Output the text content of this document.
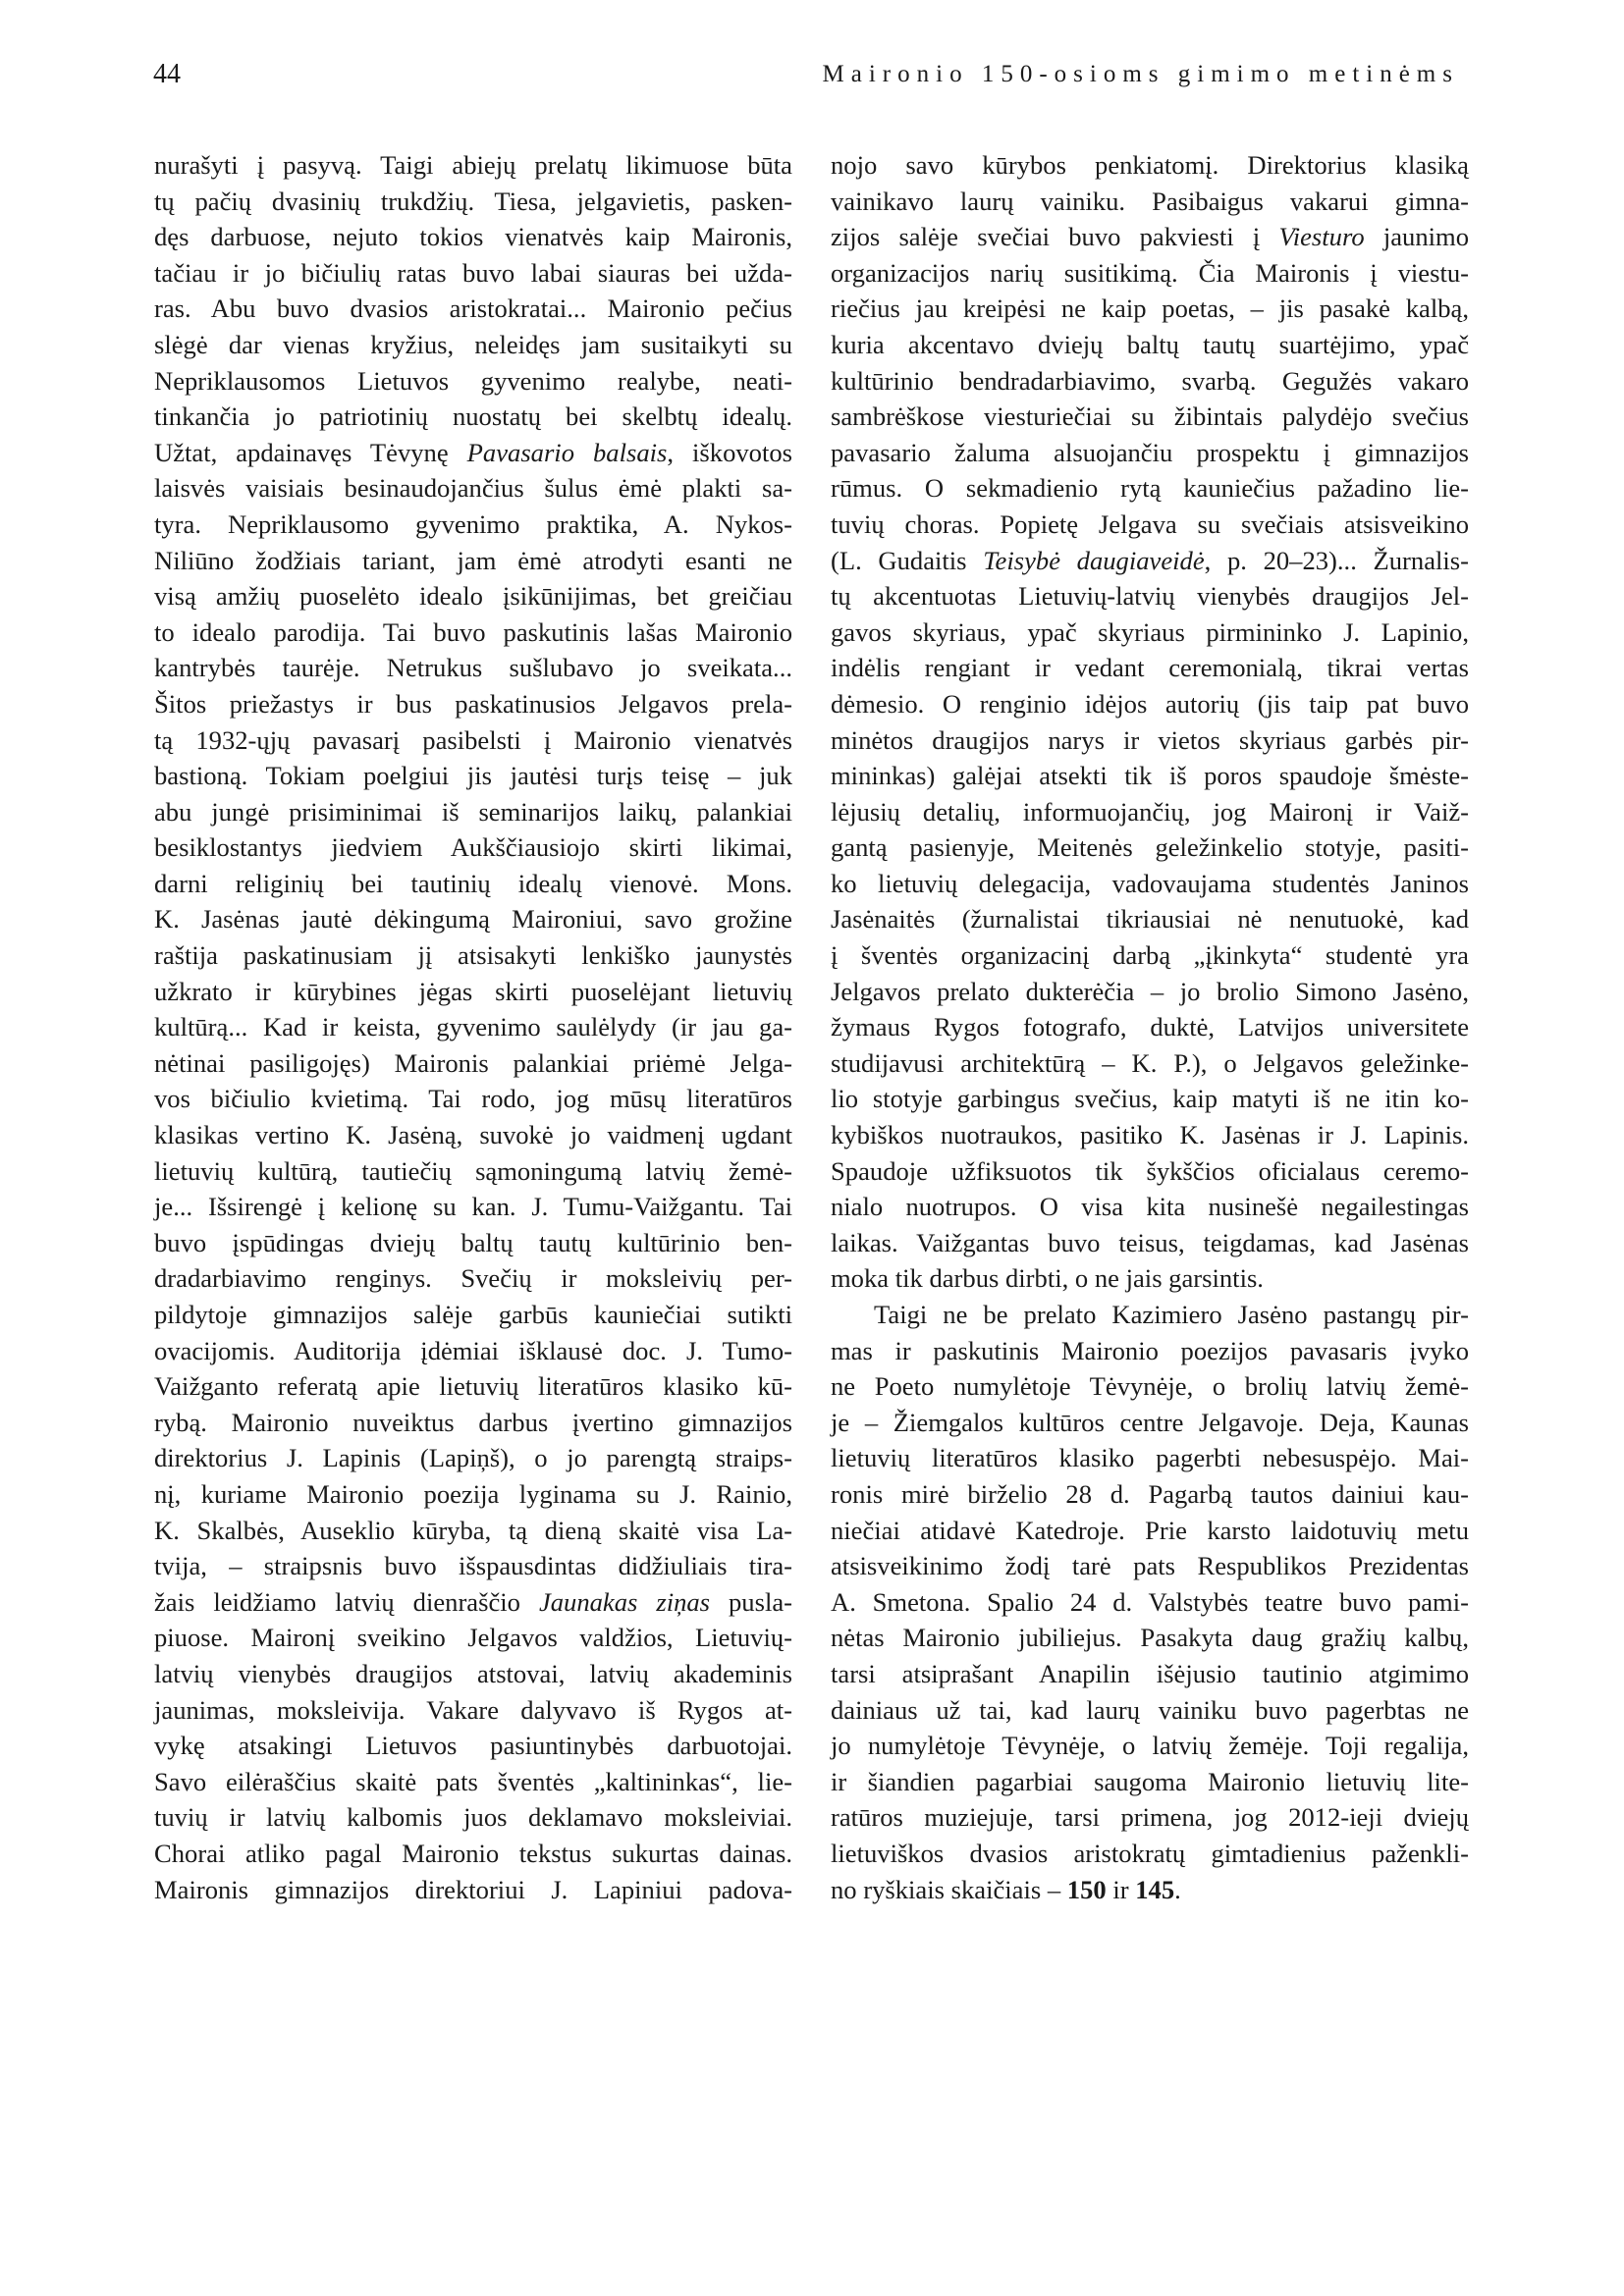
44	Maironio 150-osioms gimimo metinėms
nurašyti į pasyvą. Taigi abiejų prelatų likimuose būta
tų pačių dvasinių trukdžių. Tiesa, jelgavietis, pasken-
dęs darbuose, nejuto tokios vienatvės kaip Maironis,
tačiau ir jo bičiulių ratas buvo labai siauras bei užda-
ras. Abu buvo dvasios aristokratai... Maironio pečius
slėgė dar vienas kryžius, neleidęs jam susitaikyti su
Nepriklausomos Lietuvos gyvenimo realybe, neati-
tinkančia jo patriotinių nuostatų bei skelbtų idealų.
Užtat, apdainavęs Tėvynę Pavasario balsais, iškovotos
laisvės vaisiais besinaudojančius šulus ėmė plakti sa-
tyra. Nepriklausomo gyvenimo praktika, A. Nykos-
Niliūno žodžiais tariant, jam ėmė atrodyti esanti ne
visą amžių puoselėto idealo įsikūnijimas, bet greičiau
to idealo parodija. Tai buvo paskutinis lašas Maironio
kantrybės taurėje. Netrukus sušlubavo jo sveikata...
Šitos priežastys ir bus paskatinusios Jelgavos prela-
tą 1932-ųjų pavasarį pasibelsti į Maironio vienatvės
bastioną. Tokiam poelgiui jis jautėsi turįs teisę – juk
abu jungė prisiminimai iš seminarijos laikų, palankiai
besiklostantys jiedviem Aukščiausiojo skirti likimai,
darni religinių bei tautinių idealų vienovė. Mons.
K. Jasėnas jautė dėkingumą Maironiui, savo grožine
raštija paskatinusiam jį atsisakyti lenkiško jaunystės
užkrato ir kūrybines jėgas skirti puoselėjant lietuvių
kultūrą... Kad ir keista, gyvenimo saulėlydy (ir jau ga-
nėtinai pasiligojęs) Maironis palankiai priėmė Jelga-
vos bičiulio kvietimą. Tai rodo, jog mūsų literatūros
klasikas vertino K. Jasėną, suvokė jo vaidmenį ugdant
lietuvių kultūrą, tautiečių sąmoningumą latvių žemė-
je... Išsirengė į kelionę su kan. J. Tumu-Vaižgantu. Tai
buvo įspūdingas dviejų baltų tautų kultūrinio ben-
dradarbiavimo renginys. Svečių ir moksleivių per-
pildytoje gimnazijos salėje garbūs kauniečiai sutikti
ovacijomis. Auditorija įdėmiai išklausė doc. J. Tumo-
Vaižganto referatą apie lietuvių literatūros klasiko kū-
rybą. Maironio nuveiktus darbus įvertino gimnazijos
direktorius J. Lapinis (Lapiņš), o jo parengtą straips-
nį, kuriame Maironio poezija lyginama su J. Rainio,
K. Skalbės, Auseklio kūryba, tą dieną skaitė visa La-
tvija, – straipsnis buvo išspausdintas didžiuliais tira-
žais leidžiamo latvių dienraščio Jaunakas ziņas pusla-
piuose. Maironį sveikino Jelgavos valdžios, Lietuvių-
latvių vienybės draugijos atstovai, latvių akademinis
jaunimas, moksleivija. Vakare dalyvavo iš Rygos at-
vykę atsakingi Lietuvos pasiuntinybės darbuotojai.
Savo eilėraščius skaitė pats šventės „kaltininkas“, lie-
tuvių ir latvių kalbomis juos deklamavo moksleiviai.
Chorai atliko pagal Maironio tekstus sukurtas dainas.
Maironis gimnazijos direktoriui J. Lapiniui padova-
nojo savo kūrybos penkiatomį. Direktorius klasiką
vainikavo laurų vainiku. Pasibaigus vakarui gimna-
zijos salėje svečiai buvo pakviesti į Viesturo jaunimo
organizacijos narių susitikimą. Čia Maironis į viestu-
riečius jau kreipėsi ne kaip poetas, – jis pasakė kalbą,
kuria akcentavo dviejų baltų tautų suartėjimo, ypač
kultūrinio bendradarbiavimo, svarbą. Gegužės vakaro
sambrėškose viesturiečiai su žibintais palydėjo svečius
pavasario žaluma alsuojančiu prospektu į gimnazijos
rūmus. O sekmadienio rytą kauniečius pažadino lie-
tuvių choras. Popietę Jelgava su svečiais atsisveikino
(L. Gudaitis Teisybė daugiaveidė, p. 20–23)... Žurnalis-
tų akcentuotas Lietuvių-latvių vienybės draugijos Jel-
gavos skyriaus, ypač skyriaus pirmininko J. Lapinio,
indėlis rengiant ir vedant ceremonialą, tikrai vertas
dėmesio. O renginio idėjos autorių (jis taip pat buvo
minėtos draugijos narys ir vietos skyriaus garbės pir-
mininkas) galėjai atsekti tik iš poros spaudoje šmėste-
lėjusių detalių, informuojančių, jog Maironį ir Vaiž-
gantą pasienyje, Meitenės geležinkelio stotyje, pasiti-
ko lietuvių delegacija, vadovaujama studentės Janinos
Jasėnaitės (žurnalistai tikriausiai nė nenutuokė, kad
į šventės organizacinį darbą „įkinkyta“ studentė yra
Jelgavos prelato dukterėčia – jo brolio Simono Jasėno,
žymaus Rygos fotografo, duktė, Latvijos universitete
studijavusi architektūrą – K. P.), o Jelgavos geležinke-
lio stotyje garbingus svečius, kaip matyti iš ne itin ko-
kybiškos nuotraukos, pasitiko K. Jasėnas ir J. Lapinis.
Spaudoje užfiksuotos tik šykščios oficialaus ceremo-
nialo nuotrupos. O visa kita nusinešė negailestingas
laikas. Vaižgantas buvo teisus, teigdamas, kad Jasėnas
moka tik darbus dirbti, o ne jais garsintis.
Taigi ne be prelato Kazimiero Jasėno pastangų pir-
mas ir paskutinis Maironio poezijos pavasaris įvyko
ne Poeto numylėtoje Tėvynėje, o brolių latvių žemė-
je – Žiemgalos kultūros centre Jelgavoje. Deja, Kaunas
lietuvių literatūros klasiko pagerbti nebesuspėjo. Mai-
ronis mirė birželio 28 d. Pagarbą tautos dainiui kau-
niečiai atidavė Katedroje. Prie karsto laidotuvių metu
atsisveikinimo žodį tarė pats Respublikos Prezidentas
A. Smetona. Spalio 24 d. Valstybės teatre buvo pami-
nėtas Maironio jubiliejus. Pasakyta daug gražių kalbų,
tarsi atsiprašant Anapilin išėjusio tautinio atgimimo
dainiaus už tai, kad laurų vainiku buvo pagerbtas ne
jo numylėtoje Tėvynėje, o latvių žemėje. Toji regalija,
ir šiandien pagarbiai saugoma Maironio lietuvių lite-
ratūros muziejuje, tarsi primena, jog 2012-ieji dviejų
lietuviškos dvasios aristokratų gimtadienius paženkli-
no ryškiais skaičiais – 150 ir 145.
